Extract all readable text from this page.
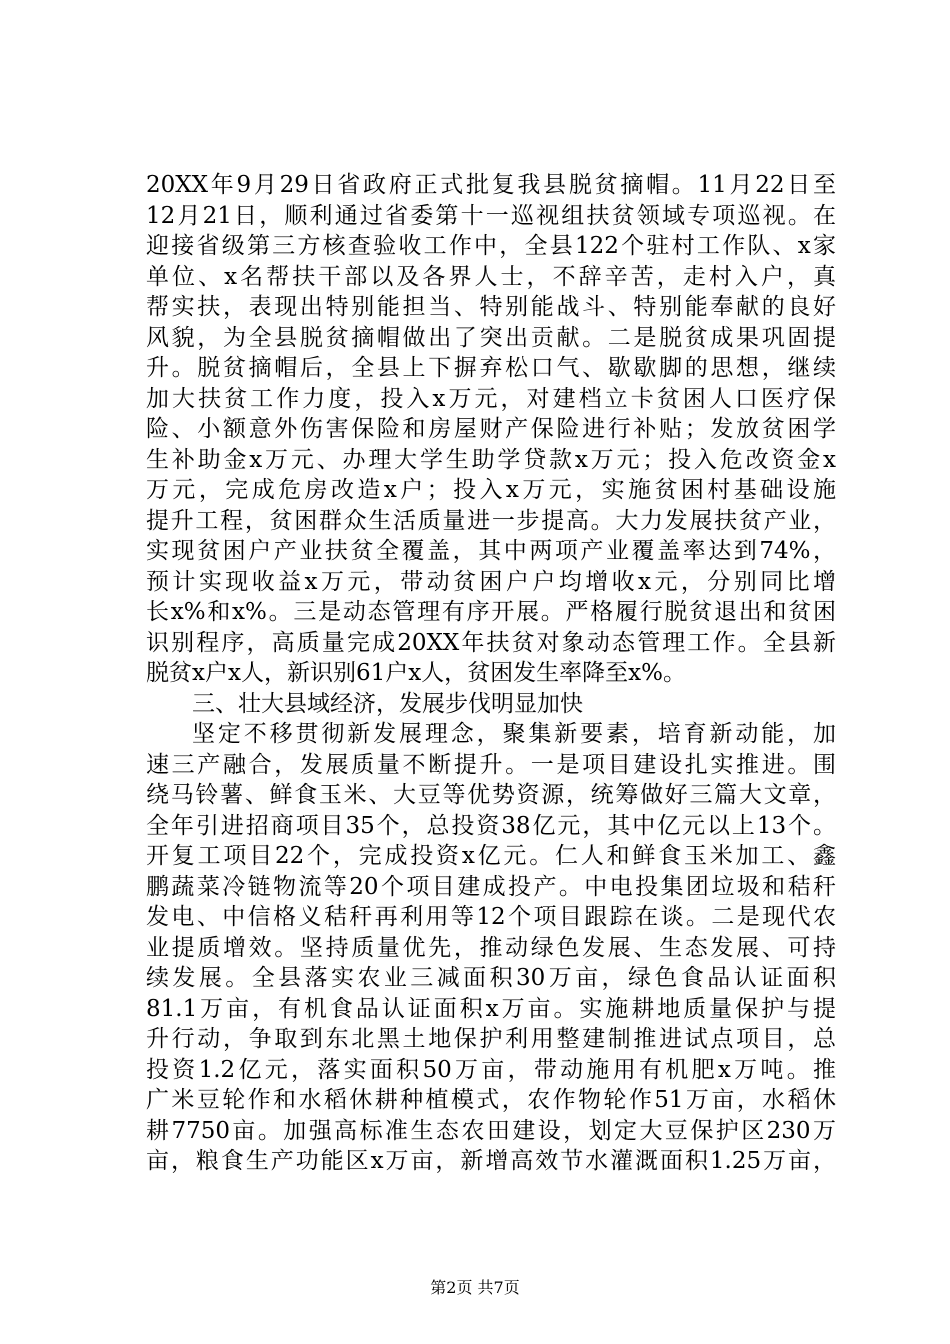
20XX年9月29日省政府正式批复我县脱贫摘帽。11月22日至
12月21日，顺利通过省委第十一巡视组扶贫领域专项巡视。在
迎接省级第三方核查验收工作中，全县122个驻村工作队、x家
单位、x名帮扶干部以及各界人士，不辞辛苦，走村入户，真
帮实扶，表现出特别能担当、特别能战斗、特别能奉献的良好
风貌，为全县脱贫摘帽做出了突出贡献。二是脱贫成果巩固提
升。脱贫摘帽后，全县上下摒弃松口气、歇歇脚的思想，继续
加大扶贫工作力度，投入x万元，对建档立卡贫困人口医疗保
险、小额意外伤害保险和房屋财产保险进行补贴；发放贫困学
生补助金x万元、办理大学生助学贷款x万元；投入危改资金x
万元，完成危房改造x户；投入x万元，实施贫困村基础设施
提升工程，贫困群众生活质量进一步提高。大力发展扶贫产业，
实现贫困户产业扶贫全覆盖，其中两项产业覆盖率达到74%，
预计实现收益x万元，带动贫困户户均增收x元，分别同比增
长x%和x%。三是动态管理有序开展。严格履行脱贫退出和贫困
识别程序，高质量完成20XX年扶贫对象动态管理工作。全县新
脱贫x户x人，新识别61户x人，贫困发生率降至x%。
三、壮大县域经济，发展步伐明显加快
坚定不移贯彻新发展理念，聚集新要素，培育新动能，加
速三产融合，发展质量不断提升。一是项目建设扎实推进。围
绕马铃薯、鲜食玉米、大豆等优势资源，统筹做好三篇大文章，
全年引进招商项目35个，总投资38亿元，其中亿元以上13个。
开复工项目22个，完成投资x亿元。仁人和鲜食玉米加工、鑫
鹏蔬菜冷链物流等20个项目建成投产。中电投集团垃圾和秸秆
发电、中信格义秸秆再利用等12个项目跟踪在谈。二是现代农
业提质增效。坚持质量优先，推动绿色发展、生态发展、可持
续发展。全县落实农业三减面积30万亩，绿色食品认证面积
81.1万亩，有机食品认证面积x万亩。实施耕地质量保护与提
升行动，争取到东北黑土地保护利用整建制推进试点项目，总
投资1.2亿元，落实面积50万亩，带动施用有机肥x万吨。推
广米豆轮作和水稻休耕种植模式，农作物轮作51万亩，水稻休
耕7750亩。加强高标准生态农田建设，划定大豆保护区230万
亩，粮食生产功能区x万亩，新增高效节水灌溉面积1.25万亩，
第2页 共7页
